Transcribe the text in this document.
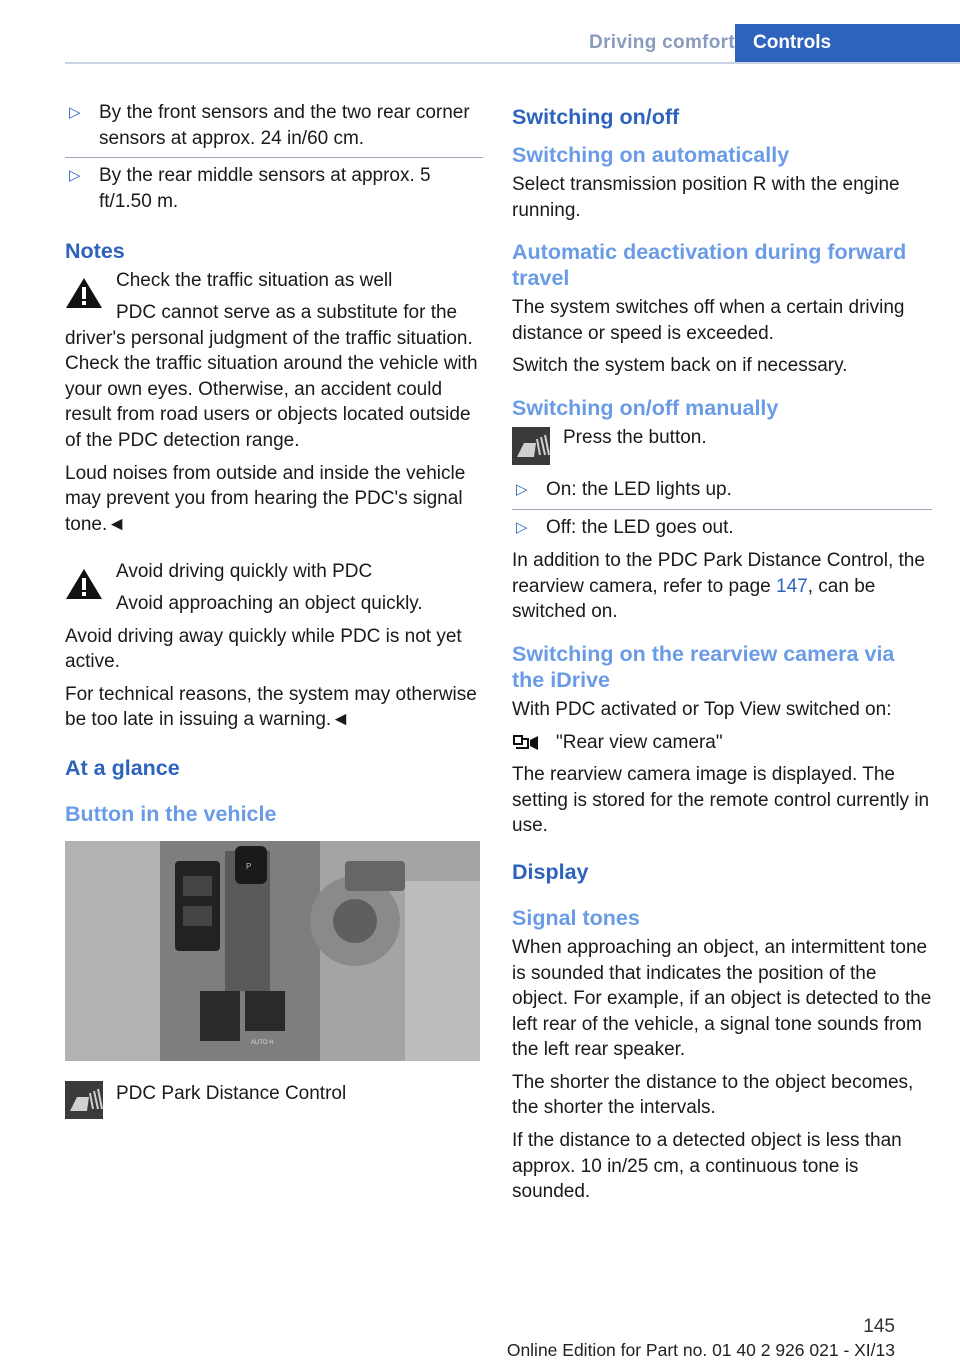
Driving comfort Controls
▷ By the front sensors and the two rear corner sensors at approx. 24 in/60 cm.
▷ By the rear middle sensors at approx. 5 ft/1.50 m.
Notes

Check the traffic situation as well

PDC cannot serve as a substitute for the driver's personal judgment of the traffic situation. Check the traffic situation around the vehicle with your own eyes. Otherwise, an accident could result from road users or objects located outside of the PDC detection range.

Loud noises from outside and inside the vehicle may prevent you from hearing the PDC's signal tone.◄

Avoid driving quickly with PDC

Avoid approaching an object quickly.

Avoid driving away quickly while PDC is not yet active.

For technical reasons, the system may otherwise be too late in issuing a warning.◄

At a glance
Button in the vehicle
P
AUTO H

PDC Park Distance Control

Switching on/off
Switching on automatically

Select transmission position R with the engine running.

Automatic deactivation during forward travel

The system switches off when a certain driving distance or speed is exceeded.

Switch the system back on if necessary.

Switching on/off manually

Press the button.

▷ On: the LED lights up.
▷ Off: the LED goes out.

In addition to the PDC Park Distance Control, the rearview camera, refer to page 147, can be switched on.

Switching on the rearview camera via the iDrive

With PDC activated or Top View switched on:

"Rear view camera"

The rearview camera image is displayed. The setting is stored for the remote control currently in use.

Display
Signal tones

When approaching an object, an intermittent tone is sounded that indicates the position of the object. For example, if an object is detected to the left rear of the vehicle, a signal tone sounds from the left rear speaker.

The shorter the distance to the object becomes, the shorter the intervals.

If the distance to a detected object is less than approx. 10 in/25 cm, a continuous tone is sounded.

145
Online Edition for Part no. 01 40 2 926 021 - XI/13
